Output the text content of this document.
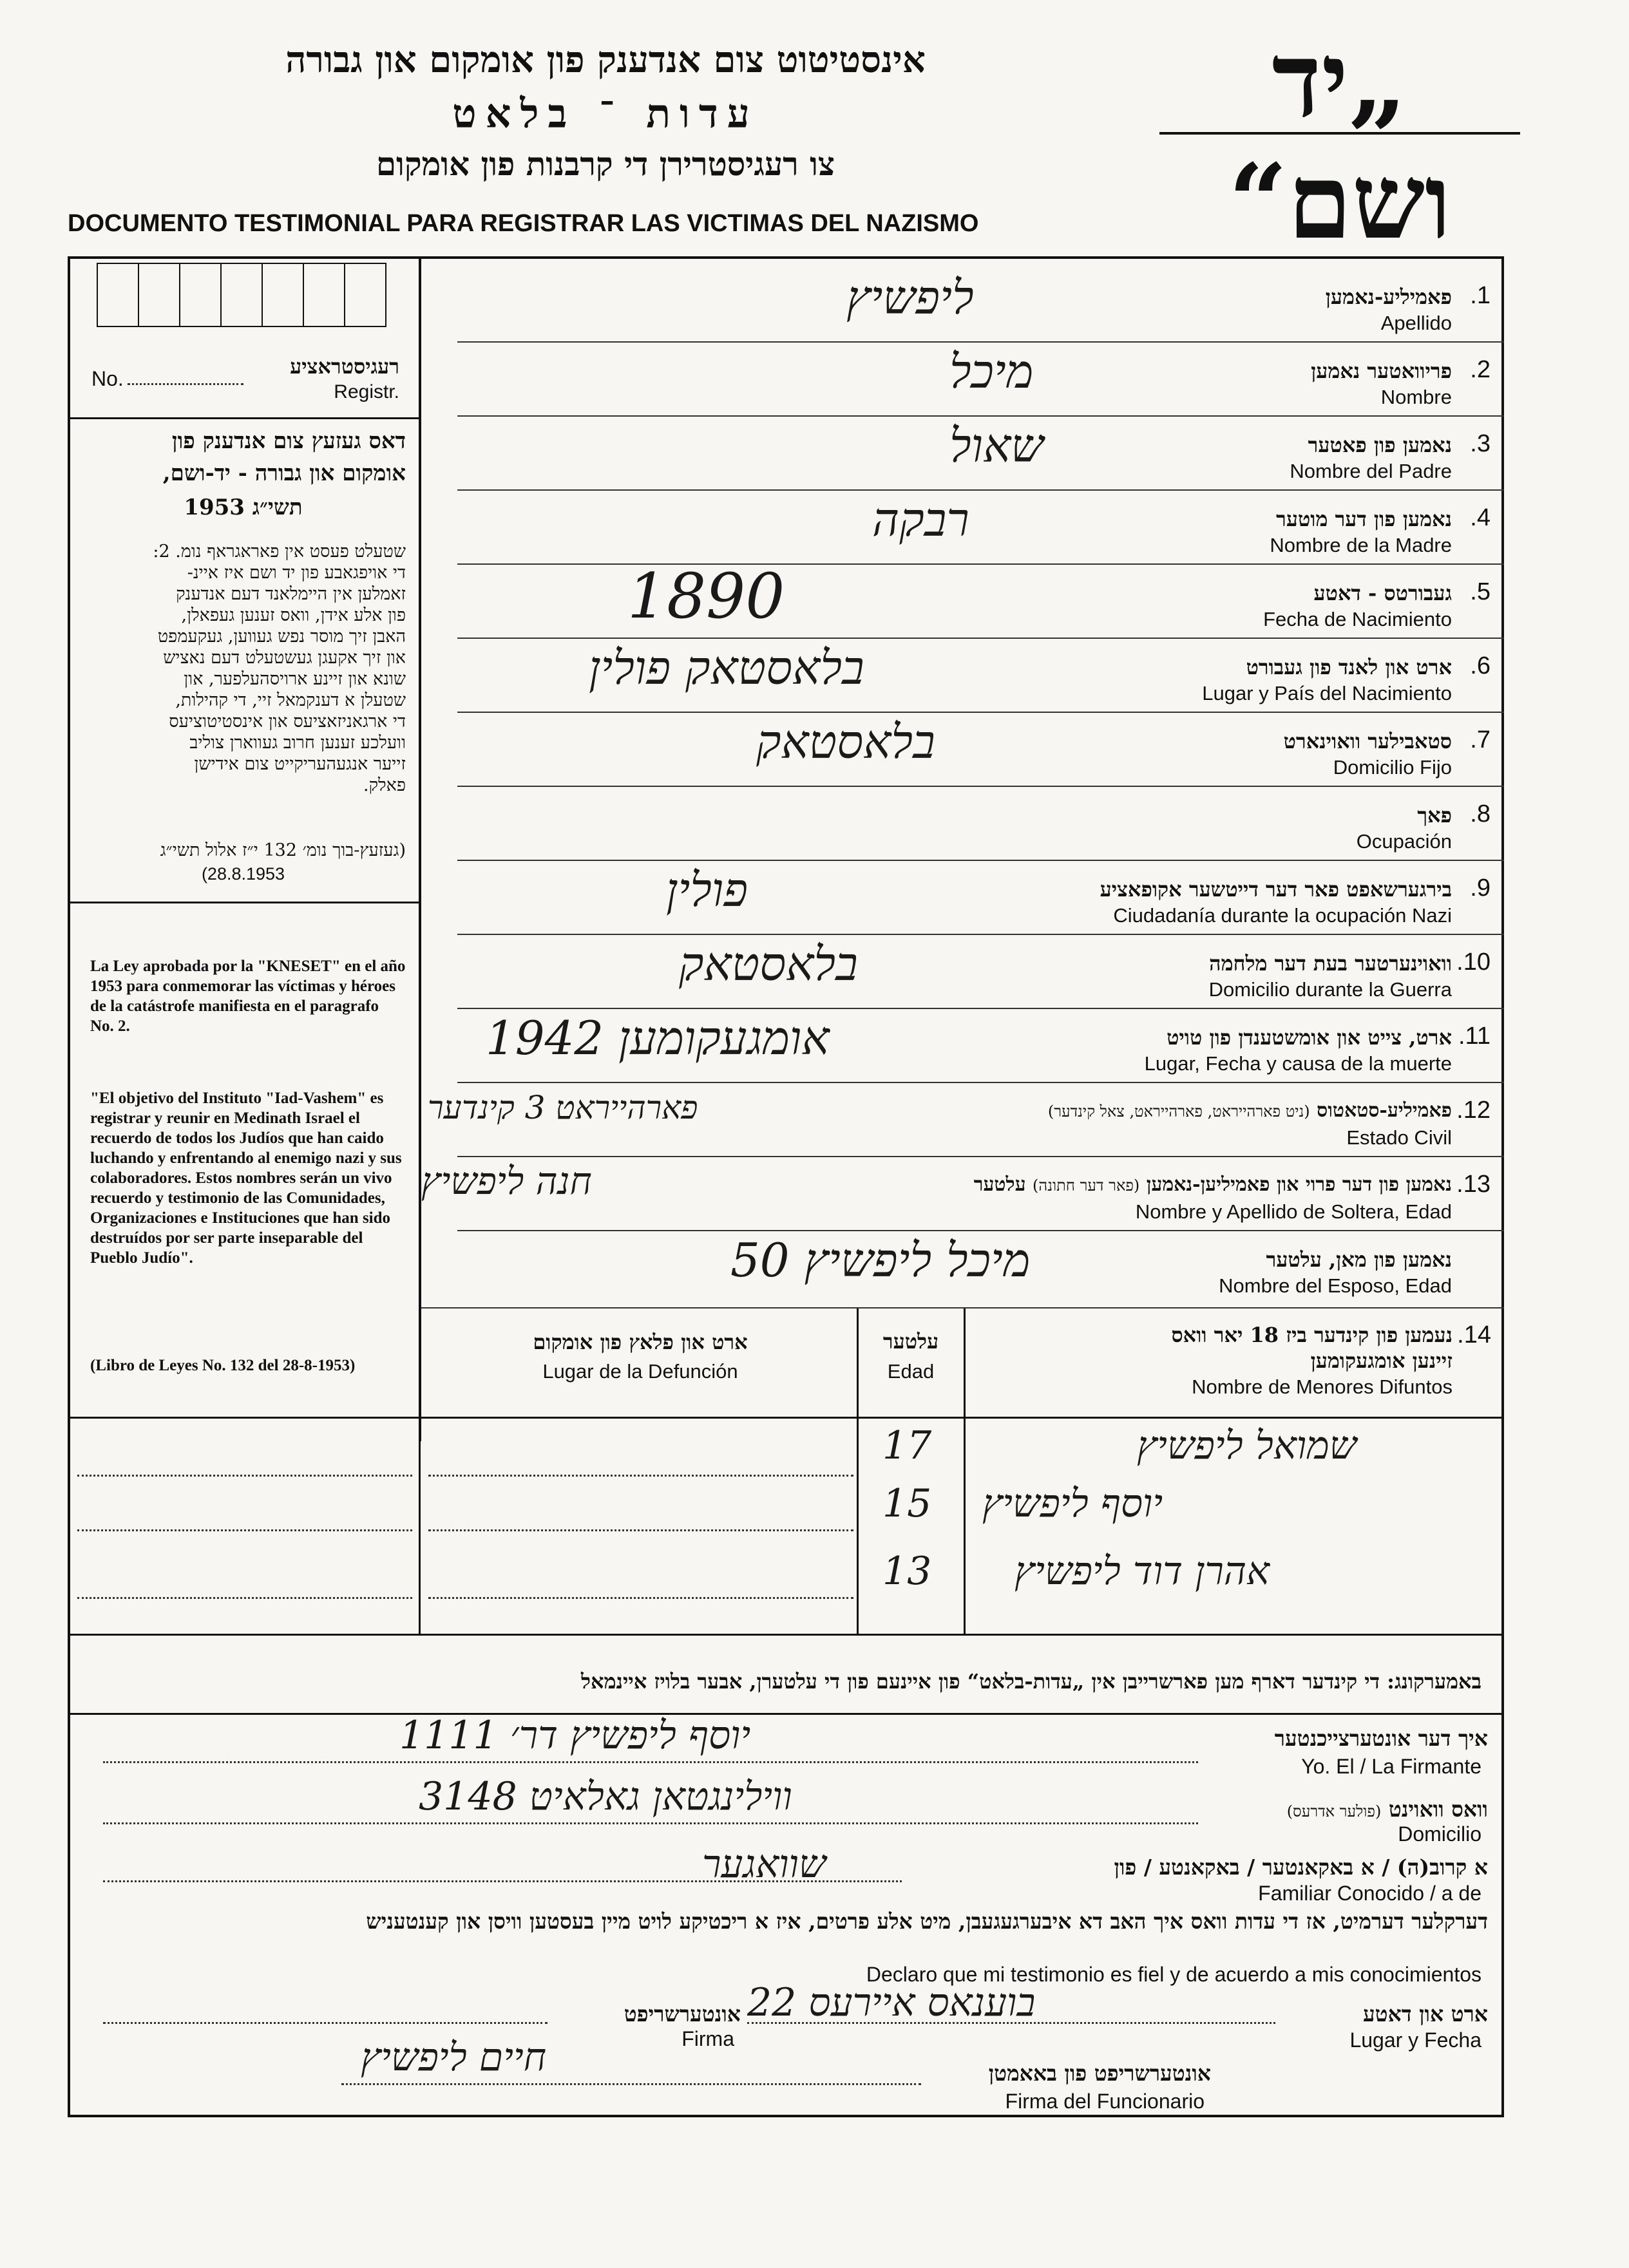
אינסטיטוט צום אנדענק פון אומקום און גבורה
עדות ־ בלאט
צו רעגיסטרירן די קרבנות פון אומקום
„יד ושם“
DOCUMENTO TESTIMONIAL PARA REGISTRAR LAS VICTIMAS DEL NAZISMO
No.	רעגיסטראציע
Registr.
דאס געזעץ צום אנדענק פון
אומקום און גבורה - יד-ושם,
תשי״ג 1953
שטעלט פעסט אין פאראגראף נומ. 2:
די אויפגאבע פון יד ושם איז איינ-
זאמלען אין היימלאנד דעם אנדענק
פון אלע אידן, וואס זענען געפאלן,
האבן זיך מוסר נפש געווען, געקעמפט
און זיך אקעגן געשטעלט דעם נאציש
שונא און זיינע ארויסהעלפער, און
שטעלן א דענקמאל זיי, די קהילות,
די ארגאניזאציעס און אינסטיטוציעס
וועלכע זענען חרוב געווארן צוליב
זייער אנגעהעריקייט צום אידישן
פאלק.
(געזעץ-בוך נומ׳ 132 י״ז אלול תשי״ג
(28.8.1953
La Ley aprobada por la "KNESET" en el año 1953 para conmemorar las víctimas y héroes de la catástrofe manifiesta en el paragrafo No. 2.
"El objetivo del Instituto "Iad-Vashem" es registrar y reunir en Medinath Israel el recuerdo de todos los Judíos que han caido luchando y enfrentando al enemigo nazi y sus colaboradores. Estos nombres serán un vivo recuerdo y testimonio de las Comunidades, Organizaciones e Instituciones que han sido destruídos por ser parte inseparable del Pueblo Judío".
(Libro de Leyes No. 132 del 28-8-1953)
.1
פאמיליע-נאמען
Apellido
ליפשיץ
.2
פריוואטער נאמען
Nombre
מיכל
.3
נאמען פון פאטער
Nombre del Padre
שאול
.4
נאמען פון דער מוטער
Nombre de la Madre
רבקה
.5
געבורטס - דאטע
Fecha de Nacimiento
1890
.6
ארט און לאנד פון געבורט
Lugar y País del Nacimiento
בלאסטאק פולין
.7
סטאבילער וואוינארט
Domicilio Fijo
בלאסטאק
.8
פאך
Ocupación
.9
בירגערשאפט פאר דער דייטשער אקופאציע
Ciudadanía durante la ocupación Nazi
פולין
.10
וואוינערטער בעת דער מלחמה
Domicilio durante la Guerra
בלאסטאק
.11
ארט, צייט און אומשטענדן פון טויט
Lugar, Fecha y causa de la muerte
אומגעקומען 1942
.12
פאמיליע-סטאטוס (ניט פארהייראט, פארהייראט, צאל קינדער)
Estado Civil
פארהייראט 3 קינדער
.13
נאמען פון דער פרוי און פאמיליען-נאמען (פאר דער חתונה) עלטער
Nombre y Apellido de Soltera, Edad
חנה ליפשיץ
נאמען פון מאן, עלטער
Nombre del Esposo, Edad
מיכל ליפשיץ 50
.14
נעמען פון קינדער ביז 18 יאר וואס
זיינען אומגעקומען
Nombre de Menores Difuntos
עלטער
Edad
ארט און פלאץ פון אומקום
Lugar de la Defunción
17	שמואל ליפשיץ
15 יוסף ליפשיץ
13 אהרן דוד ליפשיץ
באמערקונג: די קינדער דארף מען פארשרייבן אין „עדות-בלאט“ פון איינעם פון די עלטערן, אבער בלויז איינמאל
איך דער אונטערצייכנטער
Yo. El / La Firmante
יוסף ליפשיץ דר׳ 1111
וואס וואוינט (פולער אדרעס)
Domicilio
ווילינגטאן גאלאיט 3148
א קרוב(ה) / א באקאנטער / באקאנטע / פון
Familiar Conocido / a de
שוואגער
דערקלער דערמיט, אז די עדות וואס איך האב דא איבערגעגעבן, מיט אלע פרטים, איז א ריכטיקע לויט מיין בעסטען וויסן און קענטעניש
Declaro que mi testimonio es fiel y de acuerdo a mis conocimientos
ארט און דאטע
Lugar y Fecha
בוענאס איירעס 22
אונטערשריפט
Firma
אונטערשריפט פון באאמטן
Firma del Funcionario
חיים ליפשיץ
